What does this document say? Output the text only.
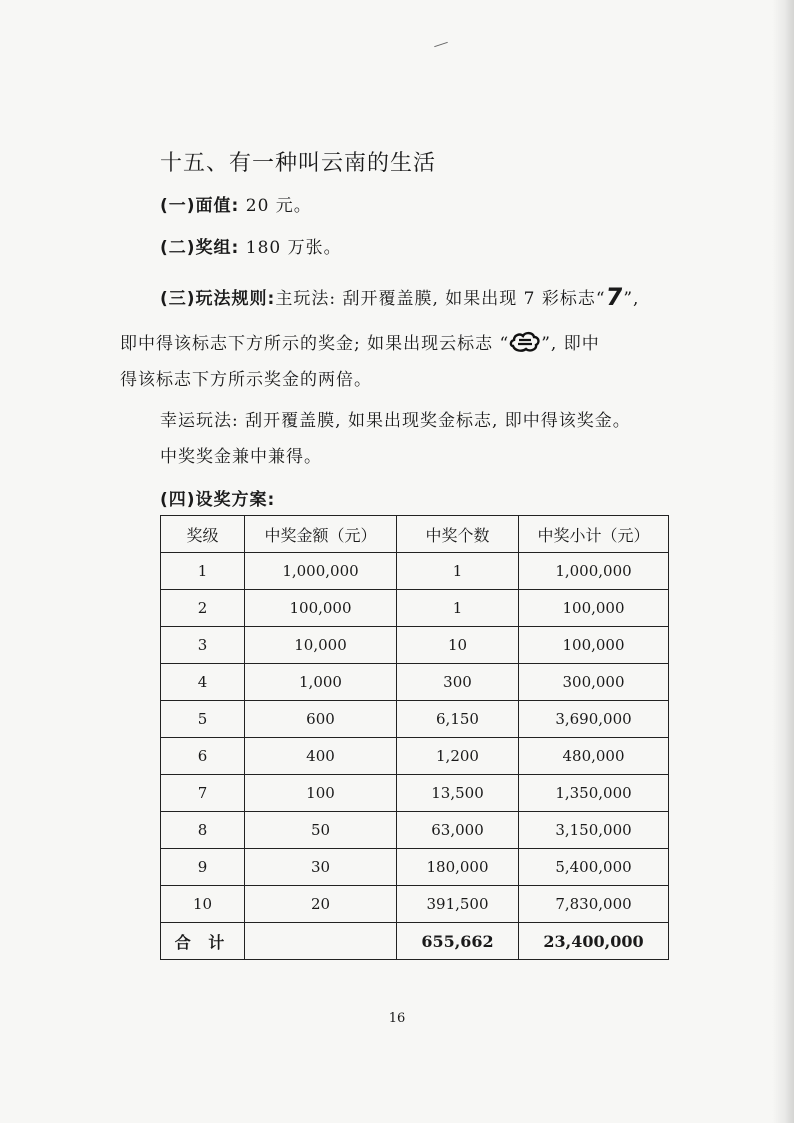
十五、有一种叫云南的生活
(一)面值: 20 元。
(二)奖组: 180 万张。
(三)玩法规则:主玩法: 刮开覆盖膜, 如果出现 7 彩标志“7”,
即中得该标志下方所示的奖金; 如果出现云标志 “ ”, 即中
得该标志下方所示奖金的两倍。
幸运玩法: 刮开覆盖膜, 如果出现奖金标志, 即中得该奖金。
中奖奖金兼中兼得。
(四)设奖方案:
奖级	中奖金额（元）	中奖个数	中奖小计（元）
1	1,000,000	1	1,000,000
2	100,000	1	100,000
3	10,000	10	100,000
4	1,000	300	300,000
5	600	6,150	3,690,000
6	400	1,200	480,000
7	100	13,500	1,350,000
8	50	63,000	3,150,000
9	30	180,000	5,400,000
10	20	391,500	7,830,000
合 计		655,662	23,400,000
16
